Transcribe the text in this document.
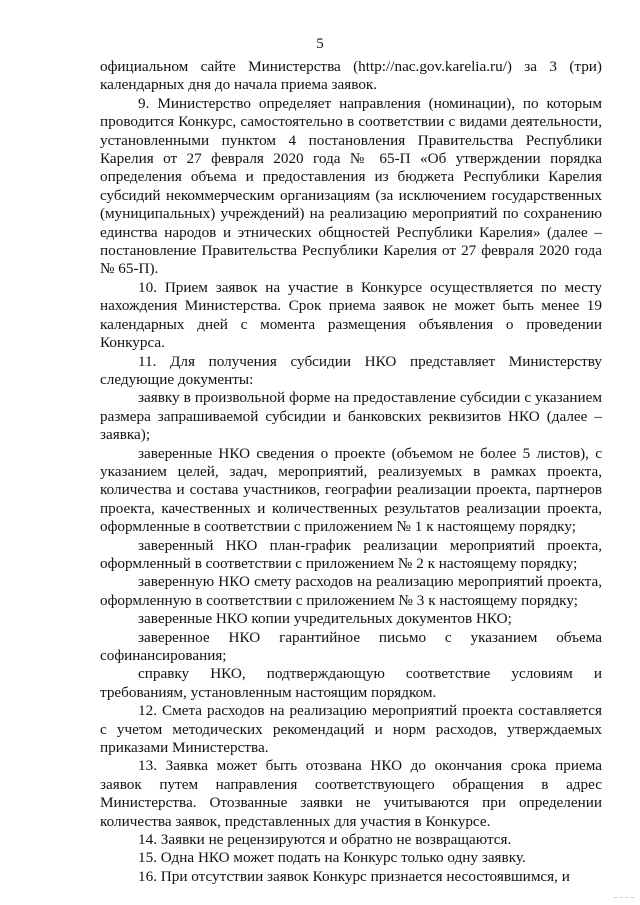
5

официальном сайте Министерства (http://nac.gov.karelia.ru/) за 3 (три) календарных дня до начала приема заявок.

9. Министерство определяет направления (номинации), по которым проводится Конкурс, самостоятельно в соответствии с видами деятельности, установленными пунктом 4 постановления Правительства Республики Карелия от 27 февраля 2020 года № 65-П «Об утверждении порядка определения объема и предоставления из бюджета Республики Карелия субсидий некоммерческим организациям (за исключением государственных (муниципальных) учреждений) на реализацию мероприятий по сохранению единства народов и этнических общностей Республики Карелия» (далее – постановление Правительства Республики Карелия от 27 февраля 2020 года № 65-П).

10. Прием заявок на участие в Конкурсе осуществляется по месту нахождения Министерства. Срок приема заявок не может быть менее 19 календарных дней с момента размещения объявления о проведении Конкурса.

11. Для получения субсидии НКО представляет Министерству следующие документы:

заявку в произвольной форме на предоставление субсидии с указанием размера запрашиваемой субсидии и банковских реквизитов НКО (далее – заявка);

заверенные НКО сведения о проекте (объемом не более 5 листов), с указанием целей, задач, мероприятий, реализуемых в рамках проекта, количества и состава участников, географии реализации проекта, партнеров проекта, качественных и количественных результатов реализации проекта, оформленные в соответствии с приложением № 1 к настоящему порядку;

заверенный НКО план-график реализации мероприятий проекта, оформленный в соответствии с приложением № 2 к настоящему порядку;

заверенную НКО смету расходов на реализацию мероприятий проекта, оформленную в соответствии с приложением № 3 к настоящему порядку;

заверенные НКО копии учредительных документов НКО;

заверенное НКО гарантийное письмо с указанием объема софинансирования;

справку НКО, подтверждающую соответствие условиям и требованиям, установленным настоящим порядком.

12. Смета расходов на реализацию мероприятий проекта составляется с учетом методических рекомендаций и норм расходов, утверждаемых приказами Министерства.

13. Заявка может быть отозвана НКО до окончания срока приема заявок путем направления соответствующего обращения в адрес Министерства. Отозванные заявки не учитываются при определении количества заявок, представленных для участия в Конкурсе.

14. Заявки не рецензируются и обратно не возвращаются.

15. Одна НКО может подать на Конкурс только одну заявку.

16. При отсутствии заявок Конкурс признается несостоявшимся, и
